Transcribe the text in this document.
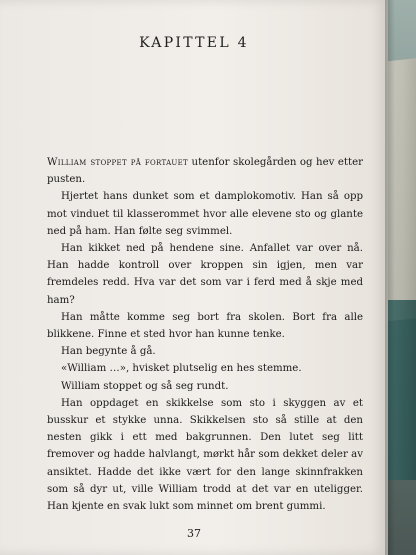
KAPITTEL 4

William stoppet på fortauet utenfor skolegården og hev etter pusten.

Hjertet hans dunket som et damplokomotiv. Han så opp mot vinduet til klasserommet hvor alle elevene sto og glante ned på ham. Han følte seg svimmel.

Han kikket ned på hendene sine. Anfallet var over nå. Han hadde kontroll over kroppen sin igjen, men var fremdeles redd. Hva var det som var i ferd med å skje med ham?

Han måtte komme seg bort fra skolen. Bort fra alle blikkene. Finne et sted hvor han kunne tenke.

Han begynte å gå.

«William …», hvisket plutselig en hes stemme.

William stoppet og så seg rundt.

Han oppdaget en skikkelse som sto i skyggen av et busskur et stykke unna. Skikkelsen sto så stille at den nesten gikk i ett med bakgrunnen. Den lutet seg litt fremover og hadde halvlangt, mørkt hår som dekket deler av ansiktet. Hadde det ikke vært for den lange skinnfrakken som så dyr ut, ville William trodd at det var en uteligger. Han kjente en svak lukt som minnet om brent gummi.

37
